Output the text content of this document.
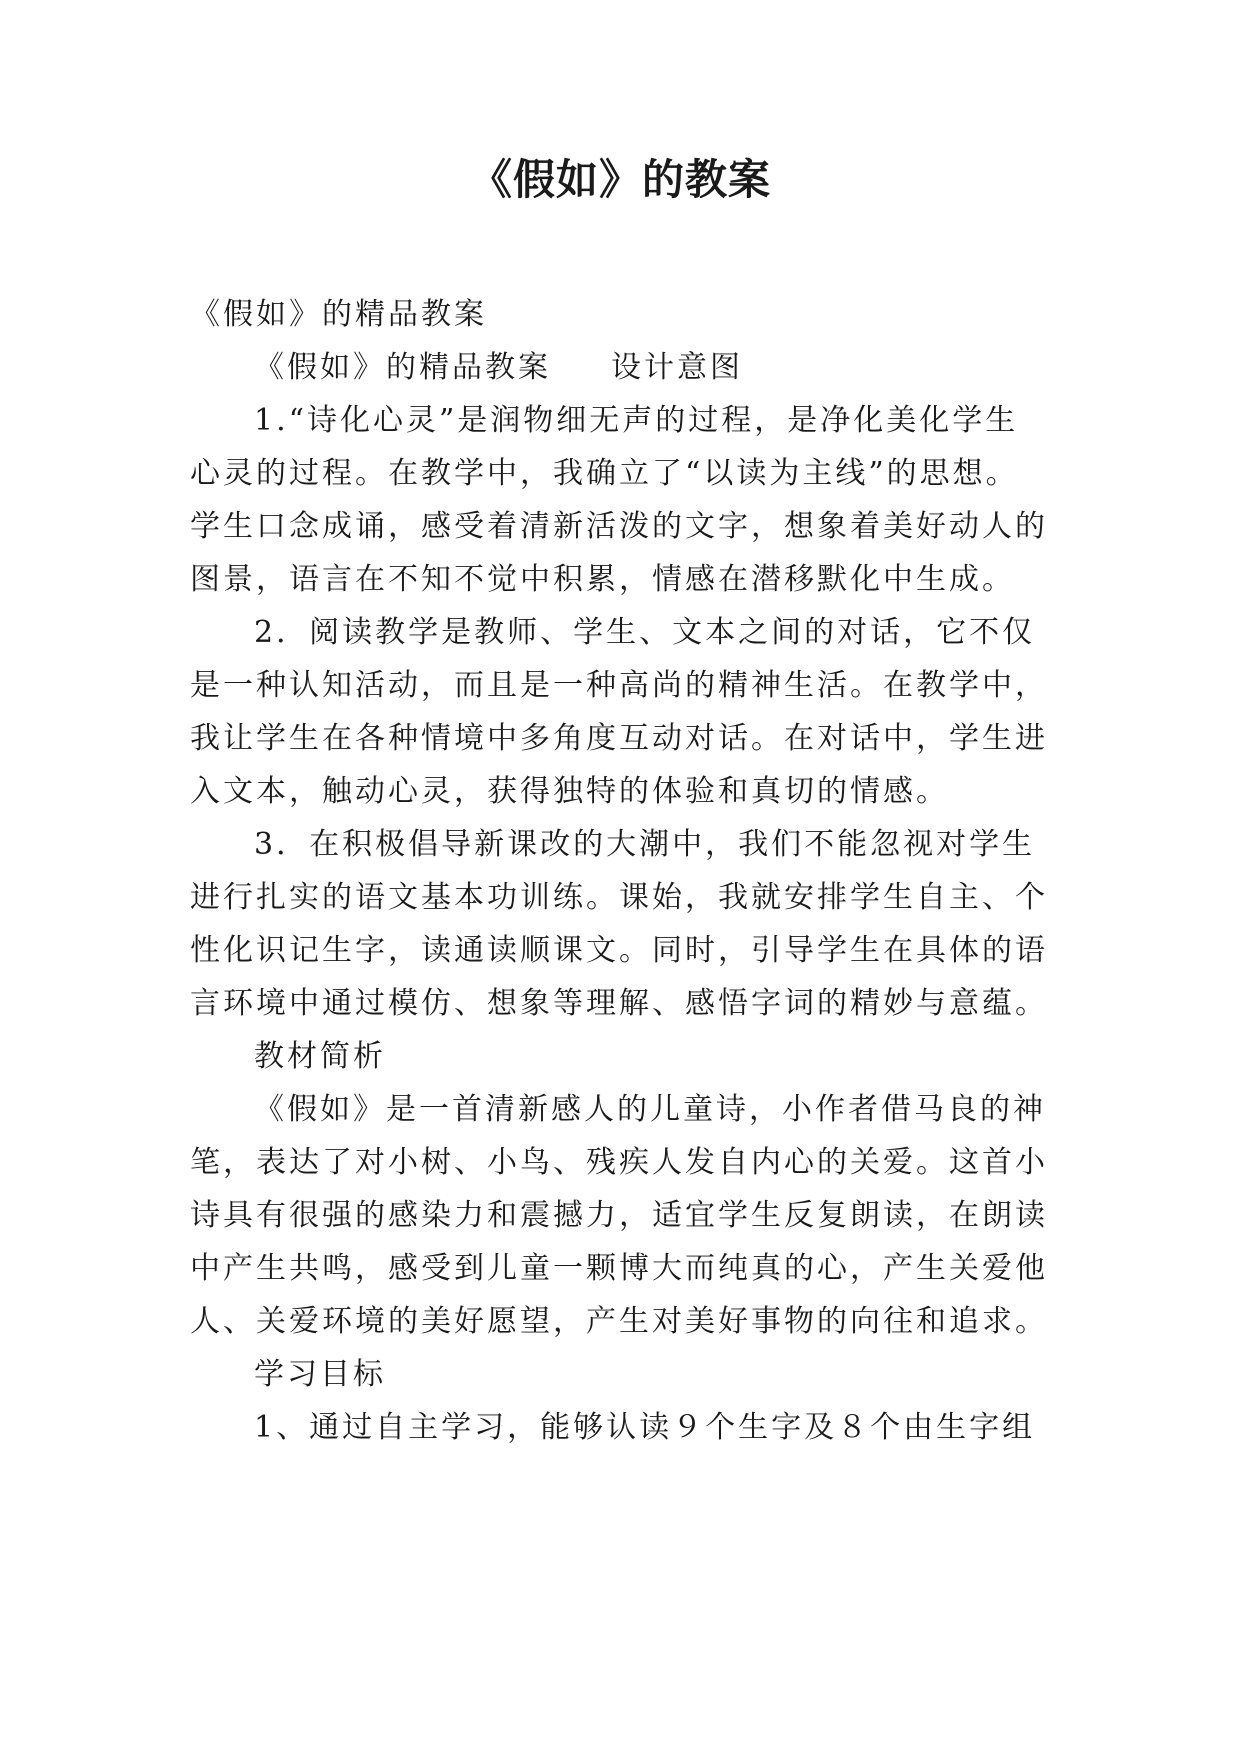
《假如》的教案

《假如》的精品教案

《假如》的精品教案 设计意图

1.“诗化心灵”是润物细无声的过程，是净化美化学生

心灵的过程。在教学中，我确立了“以读为主线”的思想。

学生口念成诵，感受着清新活泼的文字，想象着美好动人的

图景，语言在不知不觉中积累，情感在潜移默化中生成。

2．阅读教学是教师、学生、文本之间的对话，它不仅

是一种认知活动，而且是一种高尚的精神生活。在教学中，

我让学生在各种情境中多角度互动对话。在对话中，学生进

入文本，触动心灵，获得独特的体验和真切的情感。

3．在积极倡导新课改的大潮中，我们不能忽视对学生

进行扎实的语文基本功训练。课始，我就安排学生自主、个

性化识记生字，读通读顺课文。同时，引导学生在具体的语

言环境中通过模仿、想象等理解、感悟字词的精妙与意蕴。

教材简析

《假如》是一首清新感人的儿童诗，小作者借马良的神

笔，表达了对小树、小鸟、残疾人发自内心的关爱。这首小

诗具有很强的感染力和震撼力，适宜学生反复朗读，在朗读

中产生共鸣，感受到儿童一颗博大而纯真的心，产生关爱他

人、关爱环境的美好愿望，产生对美好事物的向往和追求。

学习目标

1、通过自主学习，能够认读９个生字及８个由生字组
